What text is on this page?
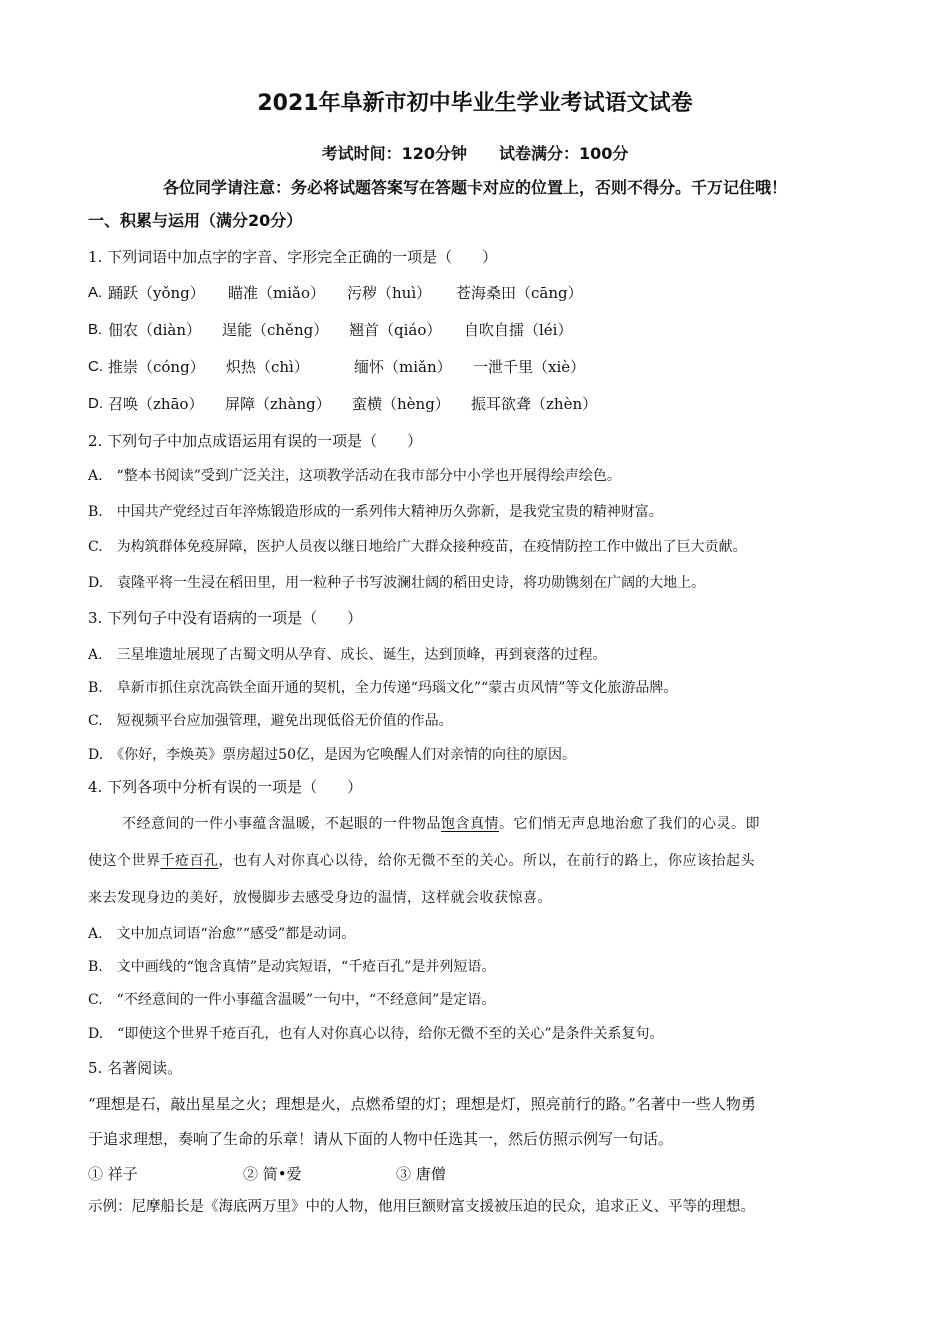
2021年阜新市初中毕业生学业考试语文试卷
考试时间：120分钟　　试卷满分：100分
各位同学请注意：务必将试题答案写在答题卡对应的位置上，否则不得分。千万记住哦！
一、积累与运用（满分20分）
1. 下列词语中加点字的字音、字形完全正确的一项是（　　）
A. 踊跃（yǒng） 瞄准（miǎo） 污秽（huì） 苍海桑田（cāng）
B. 佃农（diàn） 逞能（chěng） 翘首（qiáo） 自吹自擂（léi）
C. 推崇（cóng） 炽热（chì）	缅怀（miǎn） 一泄千里（xiè）
D. 召唤（zhāo） 屏障（zhàng） 蛮横（hèng） 振耳欲聋（zhèn）
2. 下列句子中加点成语运用有误的一项是（　　）
A.　“整本书阅读”受到广泛关注，这项教学活动在我市部分中小学也开展得绘声绘色。
B.　中国共产党经过百年淬炼锻造形成的一系列伟大精神历久弥新，是我党宝贵的精神财富。
C.　为构筑群体免疫屏障，医护人员夜以继日地给广大群众接种疫苗，在疫情防控工作中做出了巨大贡献。
D.　袁隆平将一生浸在稻田里，用一粒种子书写波澜壮阔的稻田史诗，将功勋镌刻在广阔的大地上。
3. 下列句子中没有语病的一项是（　　）
A.　三星堆遗址展现了古蜀文明从孕育、成长、诞生，达到顶峰，再到衰落的过程。
B.　阜新市抓住京沈高铁全面开通的契机，全力传递“玛瑙文化”“蒙古贞风情”等文化旅游品牌。
C.　短视频平台应加强管理，避免出现低俗无价值的作品。
D.　《你好，李焕英》票房超过50亿，是因为它唤醒人们对亲情的向往的原因。
4. 下列各项中分析有误的一项是（　　）
不经意间的一件小事蕴含温暖，不起眼的一件物品饱含真情。它们悄无声息地治愈了我们的心灵。即
使这个世界千疮百孔，也有人对你真心以待，给你无微不至的关心。所以，在前行的路上，你应该抬起头
来去发现身边的美好，放慢脚步去感受身边的温情，这样就会收获惊喜。
A.　文中加点词语“治愈”“感受”都是动词。
B.　文中画线的“饱含真情”是动宾短语，“千疮百孔”是并列短语。
C.　“不经意间的一件小事蕴含温暖”一句中，“不经意间”是定语。
D.　“即使这个世界千疮百孔，也有人对你真心以待，给你无微不至的关心”是条件关系复句。
5. 名著阅读。
“理想是石，敲出星星之火；理想是火，点燃希望的灯；理想是灯，照亮前行的路。”名著中一些人物勇
于追求理想，奏响了生命的乐章！请从下面的人物中任选其一，然后仿照示例写一句话。
① 祥子	② 简•爱	③ 唐僧
示例：尼摩船长是《海底两万里》中的人物，他用巨额财富支援被压迫的民众，追求正义、平等的理想。
